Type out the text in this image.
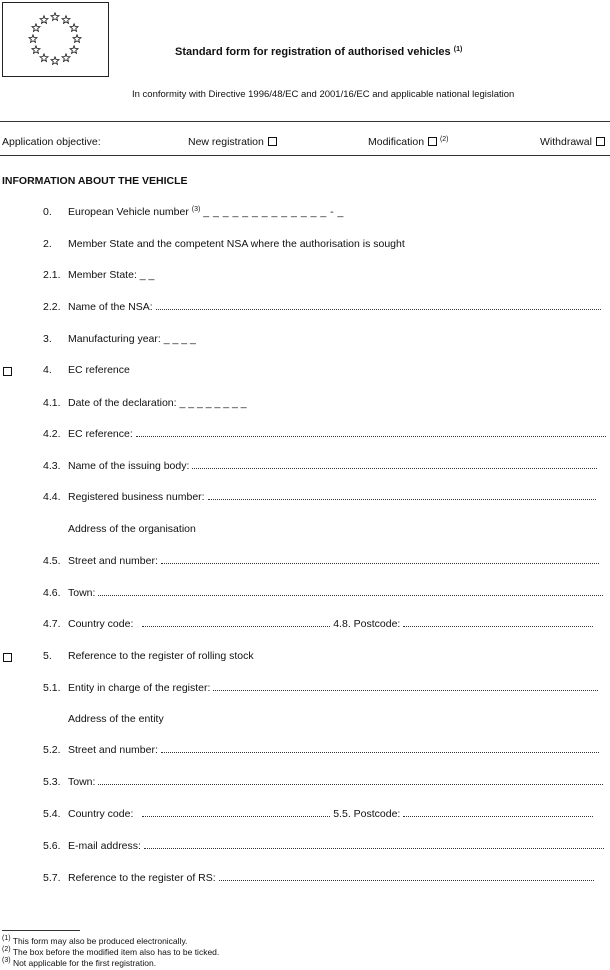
Standard form for registration of authorised vehicles $^{(1)}$
In conformity with Directive 1996/48/EC and 2001/16/EC and applicable national legislation
Application objective:	New registration	Modification $^{(2)}$	Withdrawal
INFORMATION ABOUT THE VEHICLE
0. European Vehicle number $^{(3)}$ _ _ _ _ _ _ _ _ _ _ _ _ _ - _
2. Member State and the competent NSA where the authorisation is sought
2.1. Member State: _ _
2.2. Name of the NSA:
3. Manufacturing year: _ _ _ _
4. EC reference
4.1. Date of the declaration: _ _ _ _ _ _ _ _
4.2. EC reference:
4.3. Name of the issuing body:
4.4. Registered business number:
Address of the organisation
4.5. Street and number:
4.6. Town:
4.7. Country code:	4.8. Postcode:
5. Reference to the register of rolling stock
5.1. Entity in charge of the register:
Address of the entity
5.2. Street and number:
5.3. Town:
5.4. Country code:	5.5. Postcode:
5.6. E-mail address:
5.7. Reference to the register of RS:
$^{(1)}$ This form may also be produced electronically.
$^{(2)}$ The box before the modified item also has to be ticked.
$^{(3)}$ Not applicable for the first registration.
